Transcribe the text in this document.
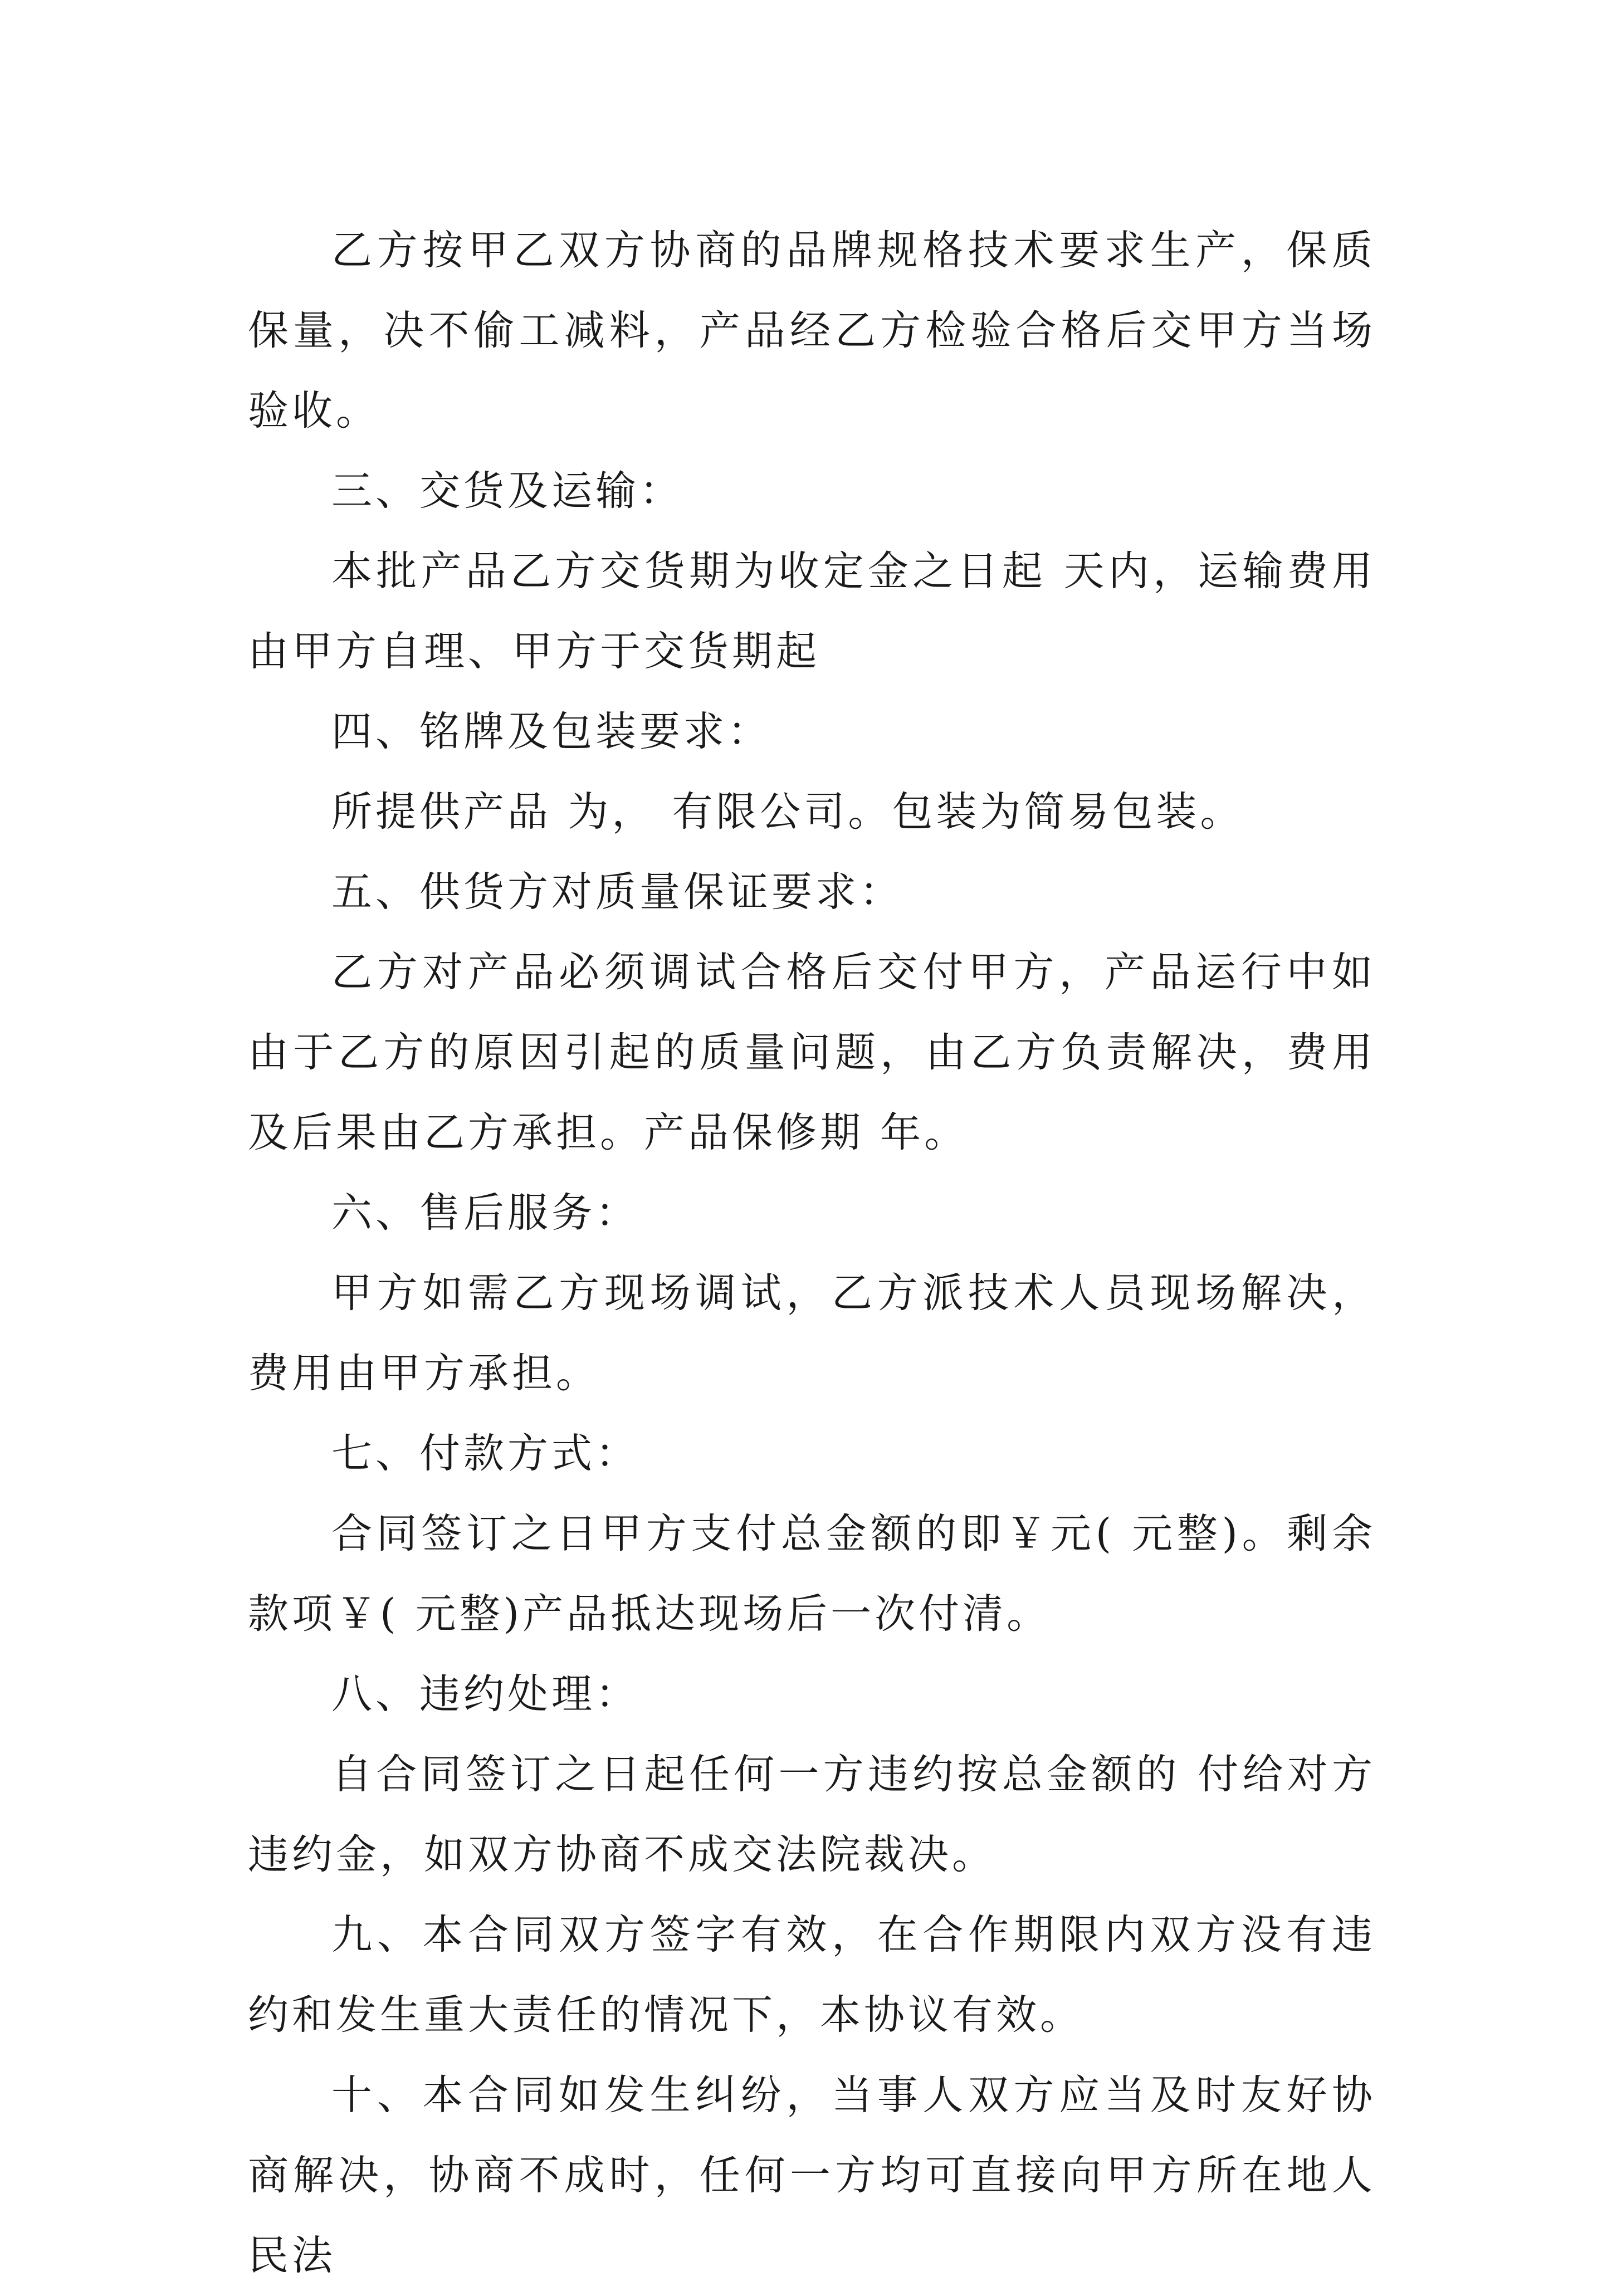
乙方按甲乙双方协商的品牌规格技术要求生产，保质保量，决不偷工减料，产品经乙方检验合格后交甲方当场验收。

三、交货及运输：

本批产品乙方交货期为收定金之日起 天内，运输费用由甲方自理、甲方于交货期起

四、铭牌及包装要求：

所提供产品 为， 有限公司。包装为简易包装。

五、供货方对质量保证要求：

乙方对产品必须调试合格后交付甲方，产品运行中如由于乙方的原因引起的质量问题，由乙方负责解决，费用及后果由乙方承担。产品保修期 年。

六、售后服务：

甲方如需乙方现场调试，乙方派技术人员现场解决，费用由甲方承担。

七、付款方式：

合同签订之日甲方支付总金额的即￥元( 元整)。剩余款项￥( 元整)产品抵达现场后一次付清。

八、违约处理：

自合同签订之日起任何一方违约按总金额的 付给对方违约金，如双方协商不成交法院裁决。

九、本合同双方签字有效，在合作期限内双方没有违约和发生重大责任的情况下，本协议有效。

十、本合同如发生纠纷，当事人双方应当及时友好协商解决，协商不成时，任何一方均可直接向甲方所在地人民法
